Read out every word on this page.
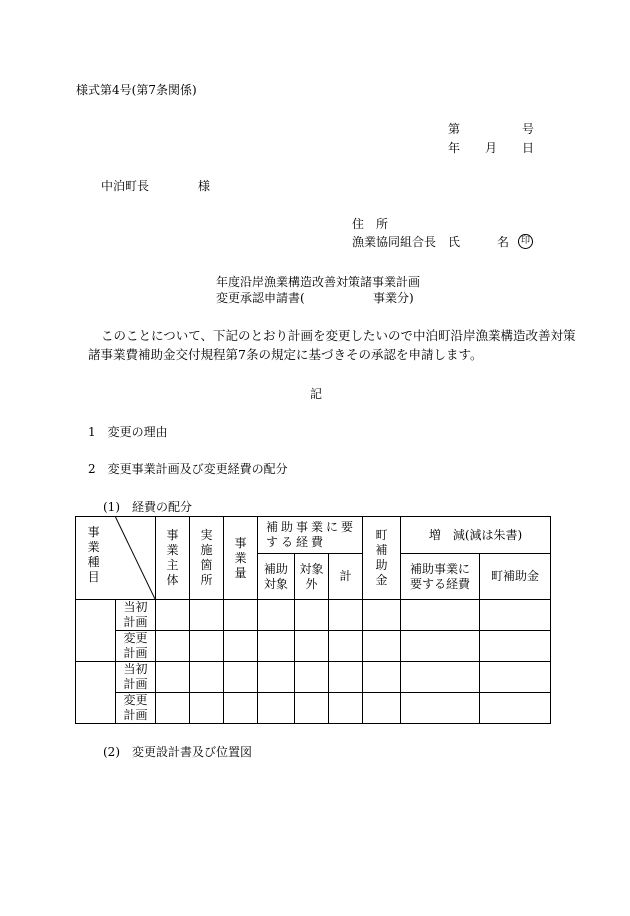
様式第4号(第7条関係)
第	号
年 月 日
中泊町長	様
住　所
漁業協同組合長 氏	名	印
年度沿岸漁業構造改善対策諸事業計画
変更承認申請書(	事業分)
このことについて、下記のとおり計画を変更したいので中泊町沿岸漁業構造改善対策
諸事業費補助金交付規程第7条の規定に基づきその承認を申請します。
記
1　変更の理由
2　変更事業計画及び変更経費の配分
(1)　経費の配分
事業種目		事業主体	実施箇所	事業量	補助事業に要する経費			町補助金	増　減(減は朱書)	
					補助対象	対象外	計		補助事業に要する経費	町補助金
	当初計画									
	変更計画									
	当初計画									
	変更計画									
(2)　変更設計書及び位置図
